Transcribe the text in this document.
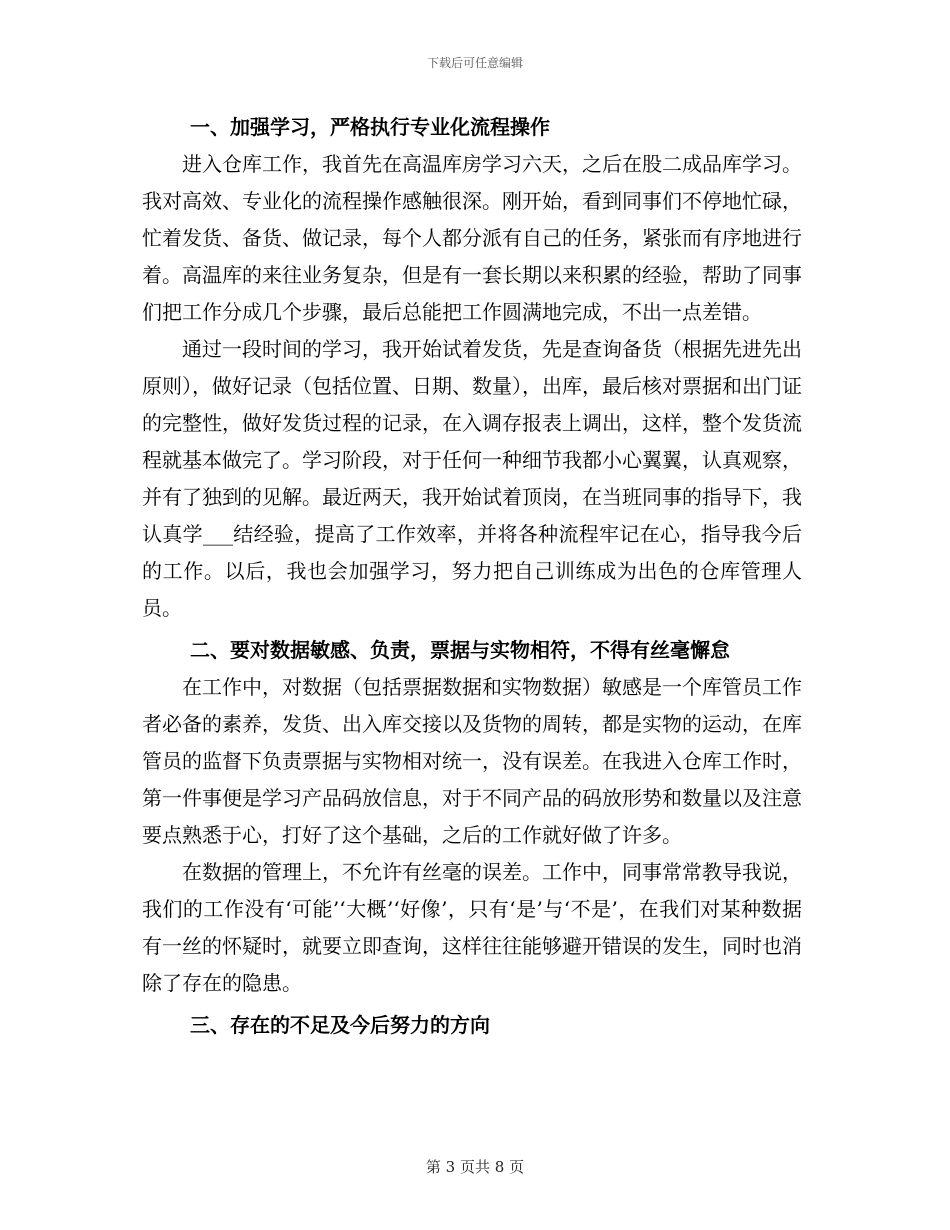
下载后可任意编辑
一、加强学习，严格执行专业化流程操作

进入仓库工作，我首先在高温库房学习六天，之后在股二成品库学习。我对高效、专业化的流程操作感触很深。刚开始，看到同事们不停地忙碌，忙着发货、备货、做记录，每个人都分派有自己的任务，紧张而有序地进行着。高温库的来往业务复杂，但是有一套长期以来积累的经验，帮助了同事们把工作分成几个步骤，最后总能把工作圆满地完成，不出一点差错。

通过一段时间的学习，我开始试着发货，先是查询备货（根据先进先出原则），做好记录（包括位置、日期、数量），出库，最后核对票据和出门证的完整性，做好发货过程的记录，在入调存报表上调出，这样，整个发货流程就基本做完了。学习阶段，对于任何一种细节我都小心翼翼，认真观察，并有了独到的见解。最近两天，我开始试着顶岗，在当班同事的指导下，我认真学___结经验，提高了工作效率，并将各种流程牢记在心，指导我今后的工作。以后，我也会加强学习，努力把自己训练成为出色的仓库管理人员。

二、要对数据敏感、负责，票据与实物相符，不得有丝毫懈怠

在工作中，对数据（包括票据数据和实物数据）敏感是一个库管员工作者必备的素养，发货、出入库交接以及货物的周转，都是实物的运动，在库管员的监督下负责票据与实物相对统一，没有误差。在我进入仓库工作时，第一件事便是学习产品码放信息，对于不同产品的码放形势和数量以及注意要点熟悉于心，打好了这个基础，之后的工作就好做了许多。

在数据的管理上，不允许有丝毫的误差。工作中，同事常常教导我说，我们的工作没有‘可能’‘大概’‘好像’，只有‘是’与‘不是’，在我们对某种数据有一丝的怀疑时，就要立即查询，这样往往能够避开错误的发生，同时也消除了存在的隐患。

三、存在的不足及今后努力的方向
第 3 页共 8 页
